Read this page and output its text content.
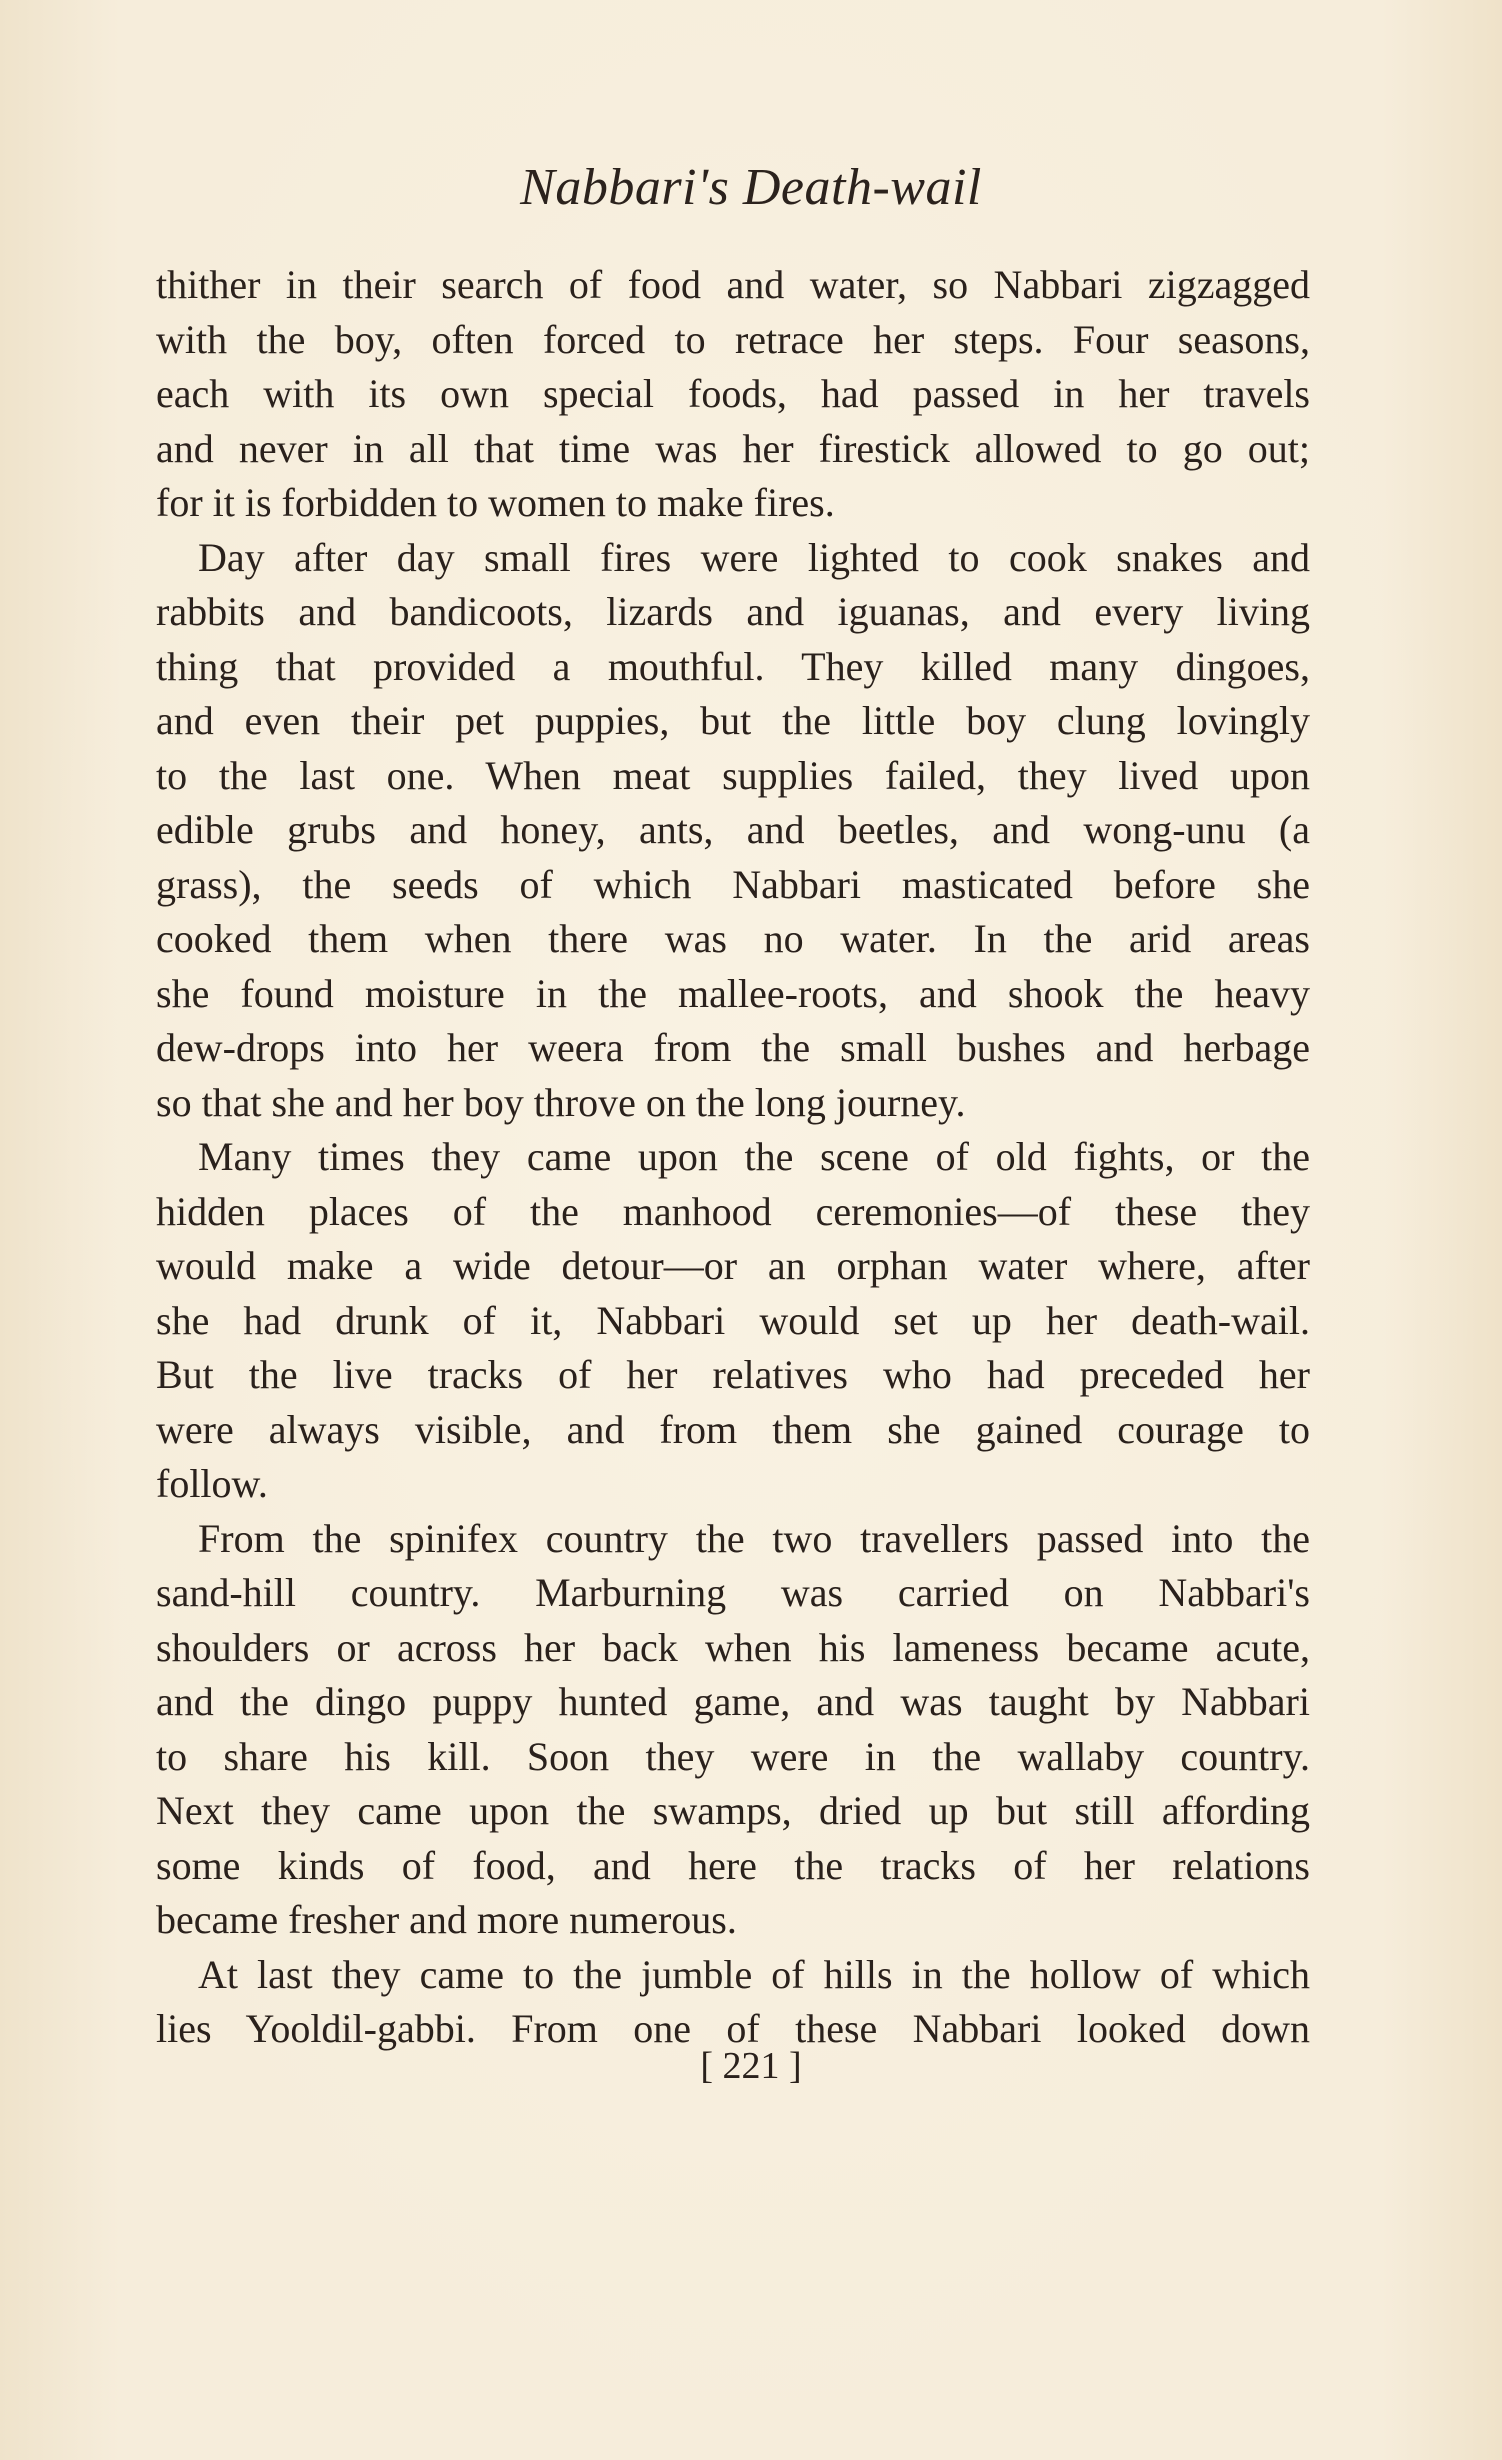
Nabbari's Death-wail
thither in their search of food and water, so Nabbari zigzagged
with the boy, often forced to retrace her steps. Four seasons,
each with its own special foods, had passed in her travels
and never in all that time was her firestick allowed to go out;
for it is forbidden to women to make fires.
Day after day small fires were lighted to cook snakes and
rabbits and bandicoots, lizards and iguanas, and every living
thing that provided a mouthful. They killed many dingoes,
and even their pet puppies, but the little boy clung lovingly
to the last one. When meat supplies failed, they lived upon
edible grubs and honey, ants, and beetles, and wong-unu (a
grass), the seeds of which Nabbari masticated before she
cooked them when there was no water. In the arid areas
she found moisture in the mallee-roots, and shook the heavy
dew-drops into her weera from the small bushes and herbage
so that she and her boy throve on the long journey.
Many times they came upon the scene of old fights, or the
hidden places of the manhood ceremonies—of these they
would make a wide detour—or an orphan water where, after
she had drunk of it, Nabbari would set up her death-wail.
But the live tracks of her relatives who had preceded her
were always visible, and from them she gained courage to
follow.
From the spinifex country the two travellers passed into the
sand-hill country. Marburning was carried on Nabbari's
shoulders or across her back when his lameness became acute,
and the dingo puppy hunted game, and was taught by Nabbari
to share his kill. Soon they were in the wallaby country.
Next they came upon the swamps, dried up but still affording
some kinds of food, and here the tracks of her relations
became fresher and more numerous.
At last they came to the jumble of hills in the hollow of which
lies Yooldil-gabbi. From one of these Nabbari looked down
[ 221 ]
